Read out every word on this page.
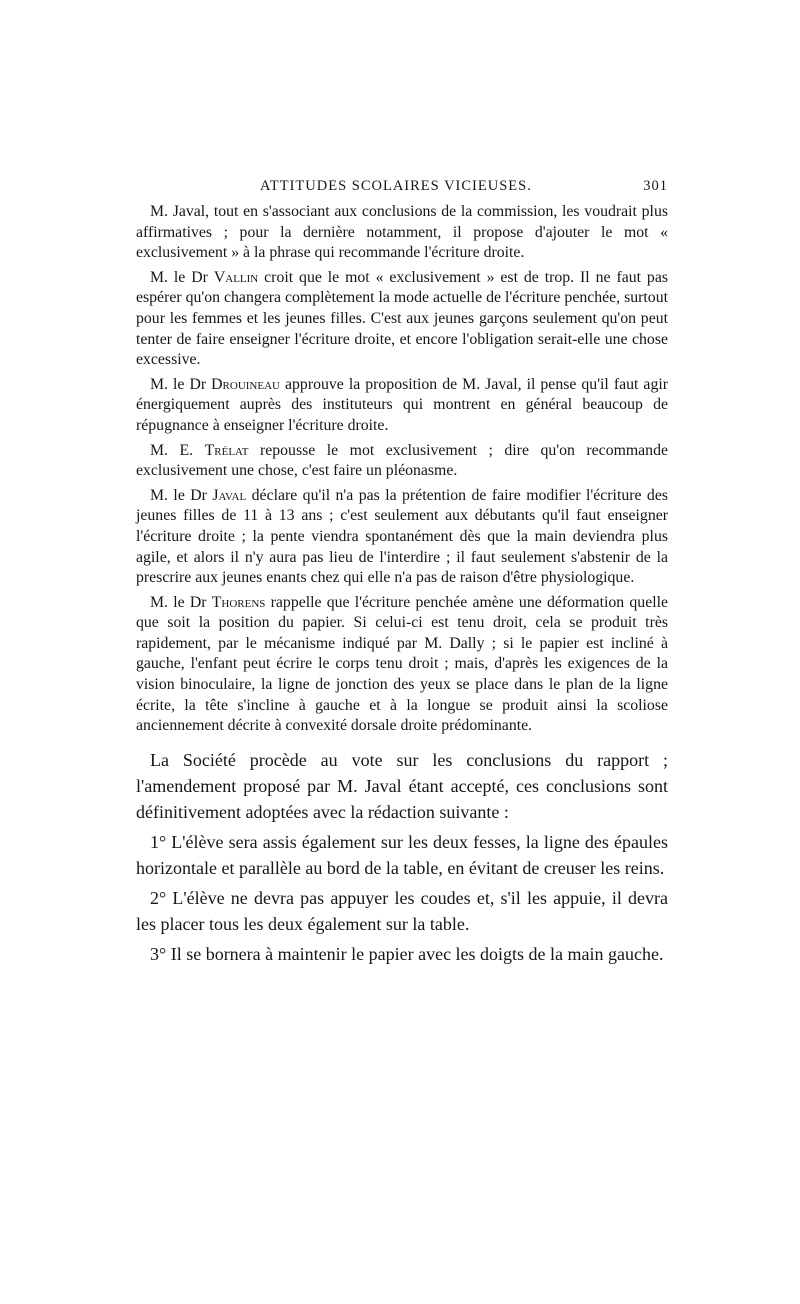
ATTITUDES SCOLAIRES VICIEUSES.	301

M. Javal, tout en s'associant aux conclusions de la commission, les voudrait plus affirmatives ; pour la dernière notamment, il propose d'ajouter le mot « exclusivement » à la phrase qui recommande l'écriture droite.

M. le Dr Vallin croit que le mot « exclusivement » est de trop. Il ne faut pas espérer qu'on changera complètement la mode actuelle de l'écriture penchée, surtout pour les femmes et les jeunes filles. C'est aux jeunes garçons seulement qu'on peut tenter de faire enseigner l'écriture droite, et encore l'obligation serait-elle une chose excessive.

M. le Dr Drouineau approuve la proposition de M. Javal, il pense qu'il faut agir énergiquement auprès des instituteurs qui montrent en général beaucoup de répugnance à enseigner l'écriture droite.

M. E. Trélat repousse le mot exclusivement ; dire qu'on recommande exclusivement une chose, c'est faire un pléonasme.

M. le Dr Javal déclare qu'il n'a pas la prétention de faire modifier l'écriture des jeunes filles de 11 à 13 ans ; c'est seulement aux débutants qu'il faut enseigner l'écriture droite ; la pente viendra spontanément dès que la main deviendra plus agile, et alors il n'y aura pas lieu de l'interdire ; il faut seulement s'abstenir de la prescrire aux jeunes enants chez qui elle n'a pas de raison d'être physiologique.

M. le Dr Thorens rappelle que l'écriture penchée amène une déformation quelle que soit la position du papier. Si celui-ci est tenu droit, cela se produit très rapidement, par le mécanisme indiqué par M. Dally ; si le papier est incliné à gauche, l'enfant peut écrire le corps tenu droit ; mais, d'après les exigences de la vision binoculaire, la ligne de jonction des yeux se place dans le plan de la ligne écrite, la tête s'incline à gauche et à la longue se produit ainsi la scoliose anciennement décrite à convexité dorsale droite prédominante.

La Société procède au vote sur les conclusions du rapport ; l'amendement proposé par M. Javal étant accepté, ces conclusions sont définitivement adoptées avec la rédaction suivante :

1° L'élève sera assis également sur les deux fesses, la ligne des épaules horizontale et parallèle au bord de la table, en évitant de creuser les reins.

2° L'élève ne devra pas appuyer les coudes et, s'il les appuie, il devra les placer tous les deux également sur la table.

3° Il se bornera à maintenir le papier avec les doigts de la main gauche.
